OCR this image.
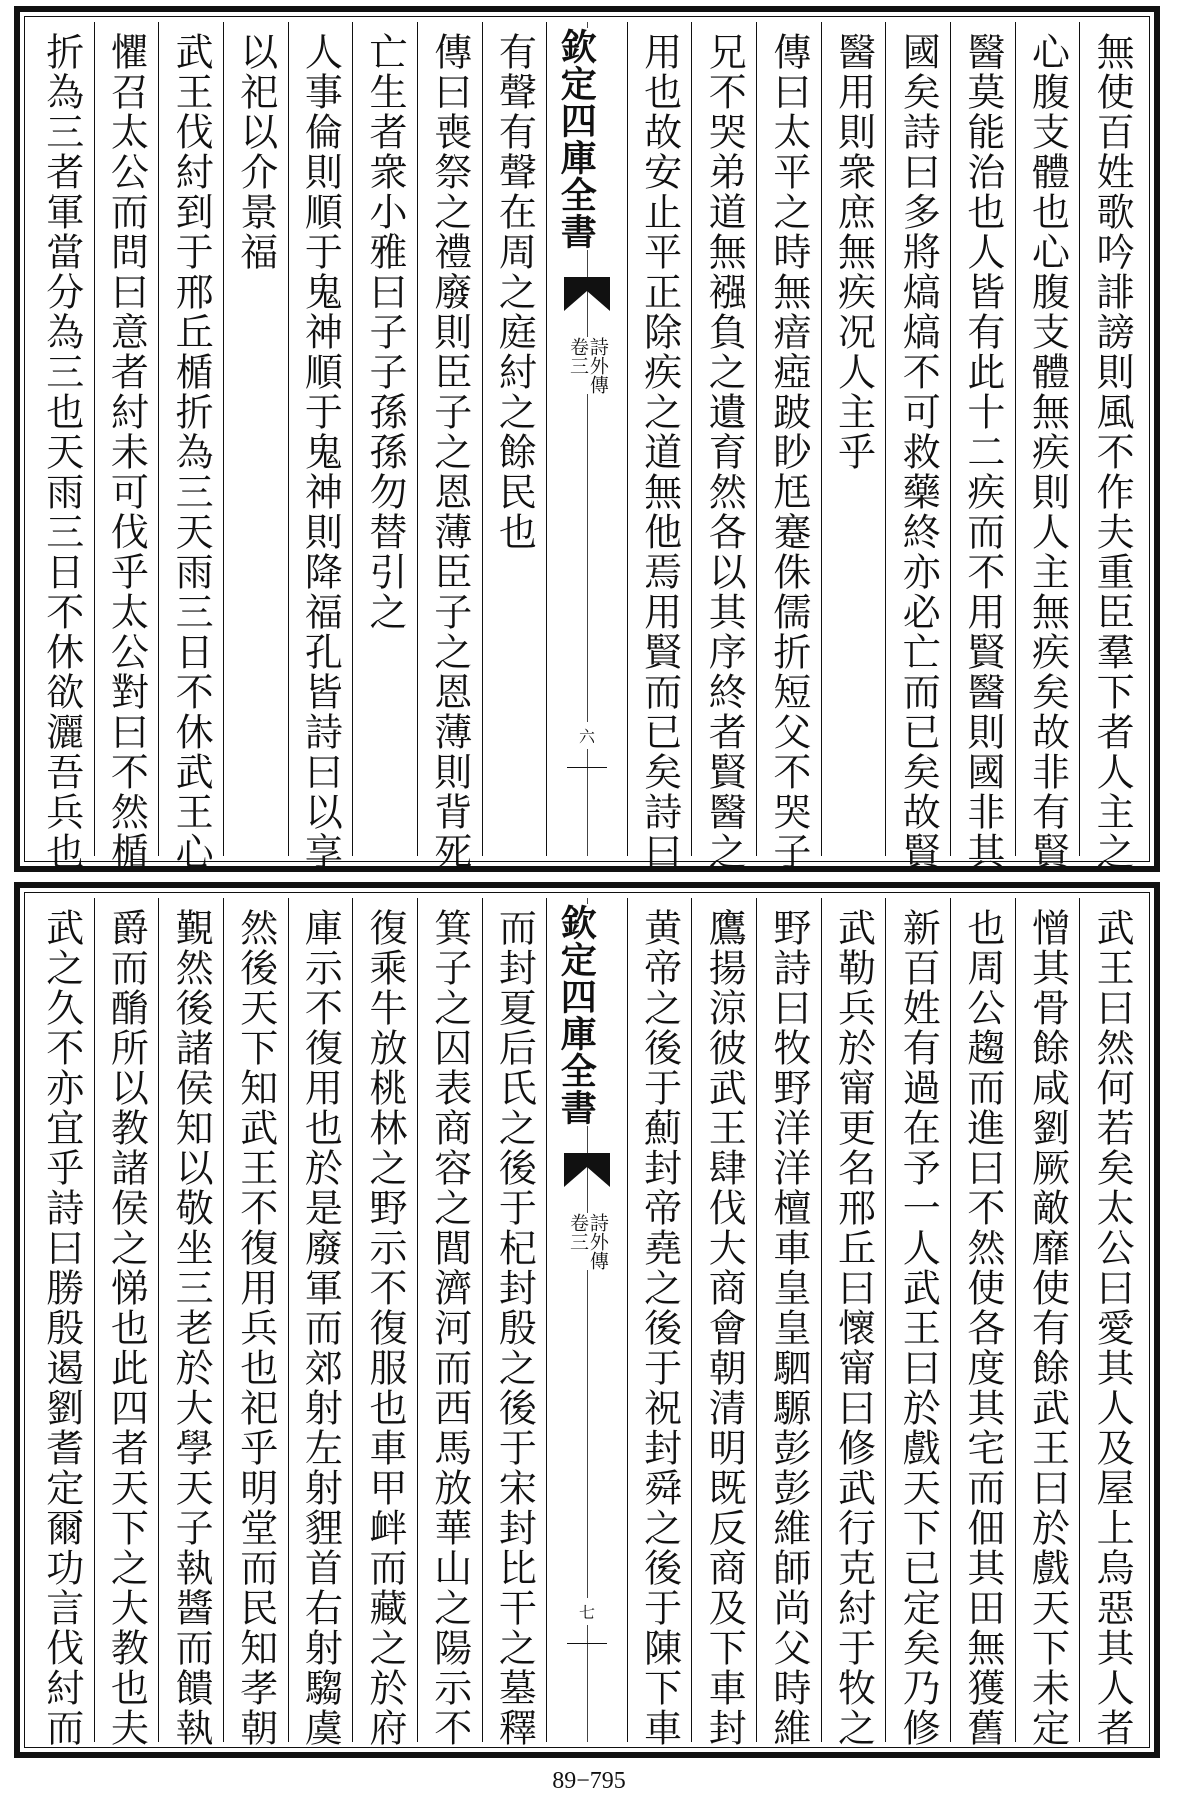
無使百姓歌吟誹謗則風不作夫重臣羣下者人主之
心腹支體也心腹支體無疾則人主無疾矣故非有賢
醫莫能治也人皆有此十二疾而不用賢醫則國非其
國矣詩曰多將熇熇不可救藥終亦必亡而已矣故賢
醫用則衆庶無疾况人主乎
傳曰太平之時無瘖瘂跛眇尪蹇侏儒折短父不哭子
兄不哭弟道無襁負之遺育然各以其序終者賢醫之
用也故安止平正除疾之道無他焉用賢而已矣詩曰
欽定四庫全書
詩外傳
卷三
六
有聲有聲在周之庭紂之餘民也
傳曰喪祭之禮廢則臣子之恩薄臣子之恩薄則背死
亡生者衆小雅曰子子孫孫勿替引之
人事倫則順于鬼神順于鬼神則降福孔皆詩曰以享
以祀以介景福
武王伐紂到于邢丘楯折為三天雨三日不休武王心
懼召太公而問曰意者紂未可伐乎太公對曰不然楯
折為三者軍當分為三也天雨三日不休欲灑吾兵也
武王曰然何若矣太公曰愛其人及屋上烏惡其人者
憎其骨餘咸劉厥敵靡使有餘武王曰於戲天下未定
也周公趨而進曰不然使各度其宅而佃其田無獲舊
新百姓有過在予一人武王曰於戲天下已定矣乃修
武勒兵於甯更名邢丘曰懷甯曰修武行克紂于牧之
野詩曰牧野洋洋檀車皇皇駟騵彭彭維師尚父時維
鷹揚涼彼武王肆伐大商會朝清明既反商及下車封
黄帝之後于薊封帝堯之後于祝封舜之後于陳下車
欽定四庫全書
詩外傳
卷三
七
而封夏后氏之後于杞封殷之後于宋封比干之墓釋
箕子之囚表商容之閭濟河而西馬放華山之陽示不
復乘牛放桃林之野示不復服也車甲衅而藏之於府
庫示不復用也於是廢軍而郊射左射貍首右射騶虞
然後天下知武王不復用兵也祀乎明堂而民知孝朝
覲然後諸侯知以敬坐三老於大學天子執醬而饋執
爵而酳所以教諸侯之悌也此四者天下之大教也夫
武之久不亦宜乎詩曰勝殷遏劉耆定爾功言伐紂而
89−795
